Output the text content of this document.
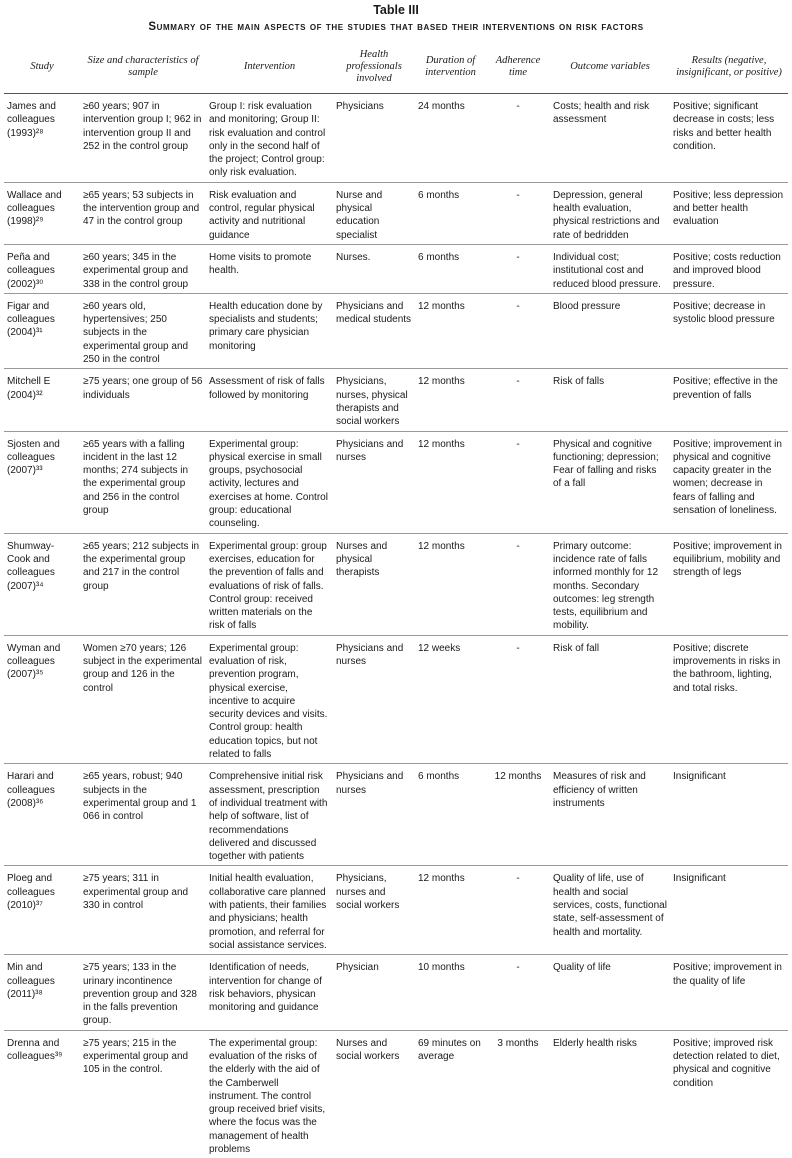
Table III
Summary of the main aspects of the studies that based their interventions on risk factors
Study	Size and characteristics of sample	Intervention	Health professionals involved	Duration of intervention	Adherence time	Outcome variables	Results (negative, insignificant, or positive)
James and colleagues (1993)²⁸	≥60 years; 907 in intervention group I; 962 in intervention group II and 252 in the control group	Group I: risk evaluation and monitoring; Group II: risk evaluation and control only in the second half of the project; Control group: only risk evaluation.	Physicians	24 months	-	Costs; health and risk assessment	Positive; significant decrease in costs; less risks and better health condition.
Wallace and colleagues (1998)²⁹	≥65 years; 53 subjects in the intervention group and 47 in the control group	Risk evaluation and control, regular physical activity and nutritional guidance	Nurse and physical education specialist	6 months	-	Depression, general health evaluation, physical restrictions and rate of bedridden	Positive; less depression and better health evaluation
Peña and colleagues (2002)³⁰	≥60 years; 345 in the experimental group and 338 in the control group	Home visits to promote health.	Nurses.	6 months	-	Individual cost; institutional cost and reduced blood pressure.	Positive; costs reduction and improved blood pressure.
Figar and colleagues (2004)³¹	≥60 years old, hypertensives; 250 subjects in the experimental group and 250 in the control	Health education done by specialists and students; primary care physician monitoring	Physicians and medical students	12 months	-	Blood pressure	Positive; decrease in systolic blood pressure
Mitchell E (2004)³²	≥75 years; one group of 56 individuals	Assessment of risk of falls followed by monitoring	Physicians, nurses, physical therapists and social workers	12 months	-	Risk of falls	Positive; effective in the prevention of falls
Sjosten and colleagues (2007)³³	≥65 years with a falling incident in the last 12 months; 274 subjects in the experimental group and 256 in the control group	Experimental group: physical exercise in small groups, psychosocial activity, lectures and exercises at home. Control group: educational counseling.	Physicians and nurses	12 months	-	Physical and cognitive functioning; depression; Fear of falling and risks of a fall	Positive; improvement in physical and cognitive capacity greater in the women; decrease in fears of falling and sensation of loneliness.
Shumway-Cook and colleagues (2007)³⁴	≥65 years; 212 subjects in the experimental group and 217 in the control group	Experimental group: group exercises, education for the prevention of falls and evaluations of risk of falls. Control group: received written materials on the risk of falls	Nurses and physical therapists	12 months	-	Primary outcome: incidence rate of falls informed monthly for 12 months. Secondary outcomes: leg strength tests, equilibrium and mobility.	Positive; improvement in equilibrium, mobility and strength of legs
Wyman and colleagues (2007)³⁵	Women ≥70 years; 126 subject in the experimental group and 126 in the control	Experimental group: evaluation of risk, prevention program, physical exercise, incentive to acquire security devices and visits. Control group: health education topics, but not related to falls	Physicians and nurses	12 weeks	-	Risk of fall	Positive; discrete improvements in risks in the bathroom, lighting, and total risks.
Harari and colleagues (2008)³⁶	≥65 years, robust; 940 subjects in the experimental group and 1 066 in control	Comprehensive initial risk assessment, prescription of individual treatment with help of software, list of recommendations delivered and discussed together with patients	Physicians and nurses	6 months	12 months	Measures of risk and efficiency of written instruments	Insignificant
Ploeg and colleagues (2010)³⁷	≥75 years; 311 in experimental group and 330 in control	Initial health evaluation, collaborative care planned with patients, their families and physicians; health promotion, and referral for social assistance services.	Physicians, nurses and social workers	12 months	-	Quality of life, use of health and social services, costs, functional state, self-assessment of health and mortality.	Insignificant
Min and colleagues (2011)³⁸	≥75 years; 133 in the urinary incontinence prevention group and 328 in the falls prevention group.	Identification of needs, intervention for change of risk behaviors, physican monitoring and guidance	Physician	10 months	-	Quality of life	Positive; improvement in the quality of life
Drenna and colleagues³⁹	≥75 years; 215 in the experimental group and 105 in the control.	The experimental group: evaluation of the risks of the elderly with the aid of the Camberwell instrument. The control group received brief visits, where the focus was the management of health problems	Nurses and social workers	69 minutes on average	3 months	Elderly health risks	Positive; improved risk detection related to diet, physical and cognitive condition
